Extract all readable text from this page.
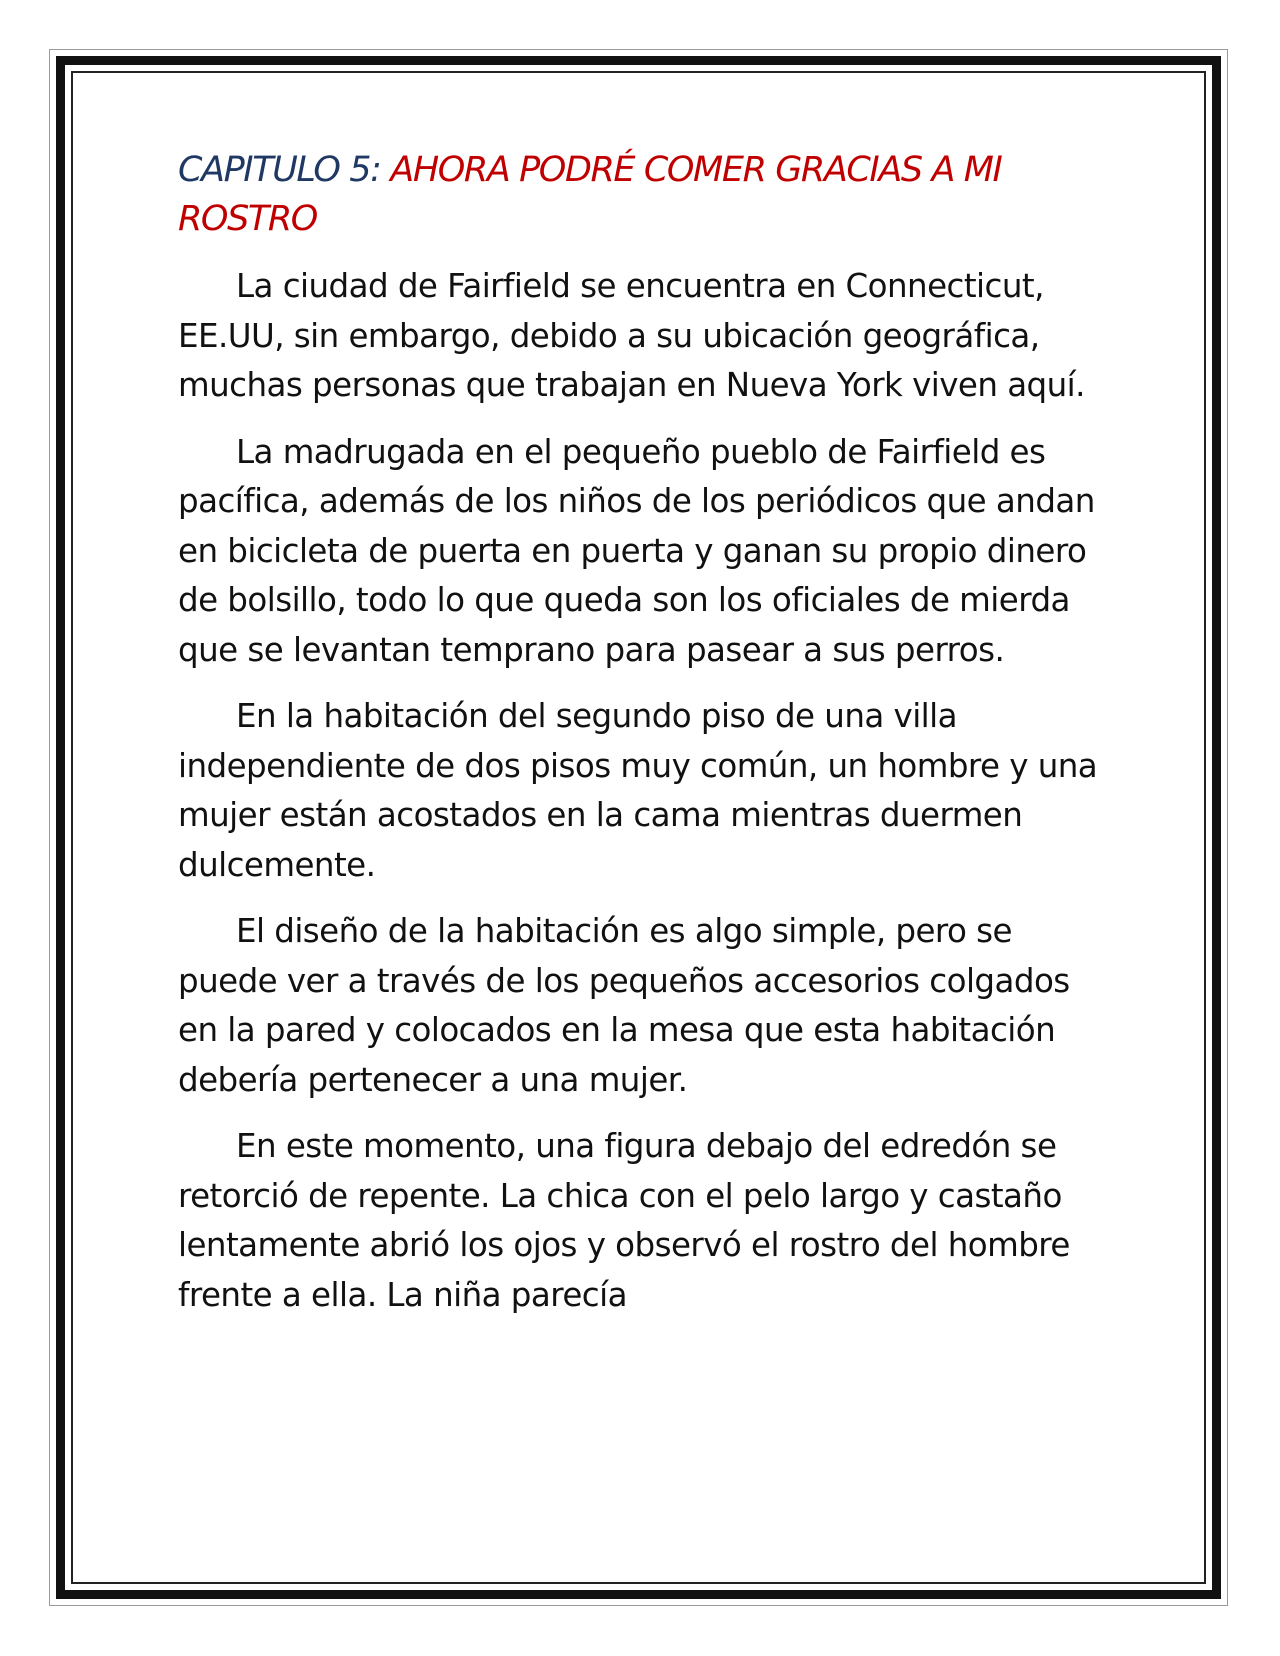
CAPITULO 5: AHORA PODRÉ COMER GRACIAS A MI ROSTRO

La ciudad de Fairfield se encuentra en Connecticut, EE.UU, sin embargo, debido a su ubicación geográfica, muchas personas que trabajan en Nueva York viven aquí.

La madrugada en el pequeño pueblo de Fairfield es pacífica, además de los niños de los periódicos que andan en bicicleta de puerta en puerta y ganan su propio dinero de bolsillo, todo lo que queda son los oficiales de mierda que se levantan temprano para pasear a sus perros.

En la habitación del segundo piso de una villa independiente de dos pisos muy común, un hombre y una mujer están acostados en la cama mientras duermen dulcemente.

El diseño de la habitación es algo simple, pero se puede ver a través de los pequeños accesorios colgados en la pared y colocados en la mesa que esta habitación debería pertenecer a una mujer.

En este momento, una figura debajo del edredón se retorció de repente. La chica con el pelo largo y castaño lentamente abrió los ojos y observó el rostro del hombre frente a ella. La niña parecía
